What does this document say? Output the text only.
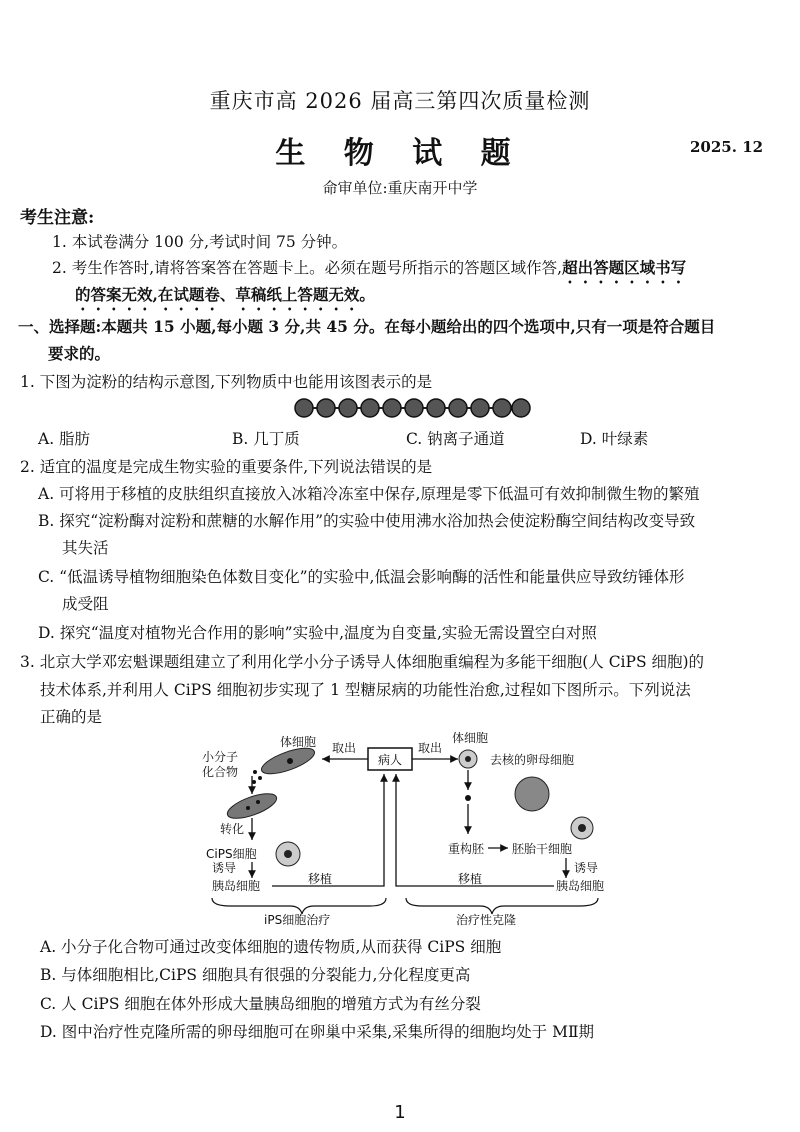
重庆市高 2026 届高三第四次质量检测
生 物 试 题	2025. 12
命审单位:重庆南开中学
考生注意:
1. 本试卷满分 100 分,考试时间 75 分钟。
2. 考生作答时,请将答案答在答题卡上。必须在题号所指示的答题区域作答,超出答题区域书写
的答案无效,在试题卷、草稿纸上答题无效。
一、选择题:本题共 15 小题,每小题 3 分,共 45 分。在每小题给出的四个选项中,只有一项是符合题目
要求的。
1. 下图为淀粉的结构示意图,下列物质中也能用该图表示的是
A. 脂肪	B. 几丁质	C. 钠离子通道	D. 叶绿素
2. 适宜的温度是完成生物实验的重要条件,下列说法错误的是
A. 可将用于移植的皮肤组织直接放入冰箱冷冻室中保存,原理是零下低温可有效抑制微生物的繁殖
B. 探究“淀粉酶对淀粉和蔗糖的水解作用”的实验中使用沸水浴加热会使淀粉酶空间结构改变导致
其失活
C. “低温诱导植物细胞染色体数目变化”的实验中,低温会影响酶的活性和能量供应导致纺锤体形
成受阻
D. 探究“温度对植物光合作用的影响”实验中,温度为自变量,实验无需设置空白对照
3. 北京大学邓宏魁课题组建立了利用化学小分子诱导人体细胞重编程为多能干细胞(人 CiPS 细胞)的
技术体系,并利用人 CiPS 细胞初步实现了 1 型糖尿病的功能性治愈,过程如下图所示。下列说法
正确的是
病人
取出
体细胞
小分子
化合物
转化
CiPS细胞
诱导
胰岛细胞	移植
取出
体细胞
去核的卵母细胞
重构胚 胚胎干细胞
诱导
胰岛细胞
移植
iPS细胞治疗	治疗性克隆
A. 小分子化合物可通过改变体细胞的遗传物质,从而获得 CiPS 细胞
B. 与体细胞相比,CiPS 细胞具有很强的分裂能力,分化程度更高
C. 人 CiPS 细胞在体外形成大量胰岛细胞的增殖方式为有丝分裂
D. 图中治疗性克隆所需的卵母细胞可在卵巢中采集,采集所得的细胞均处于 MⅡ期
1
